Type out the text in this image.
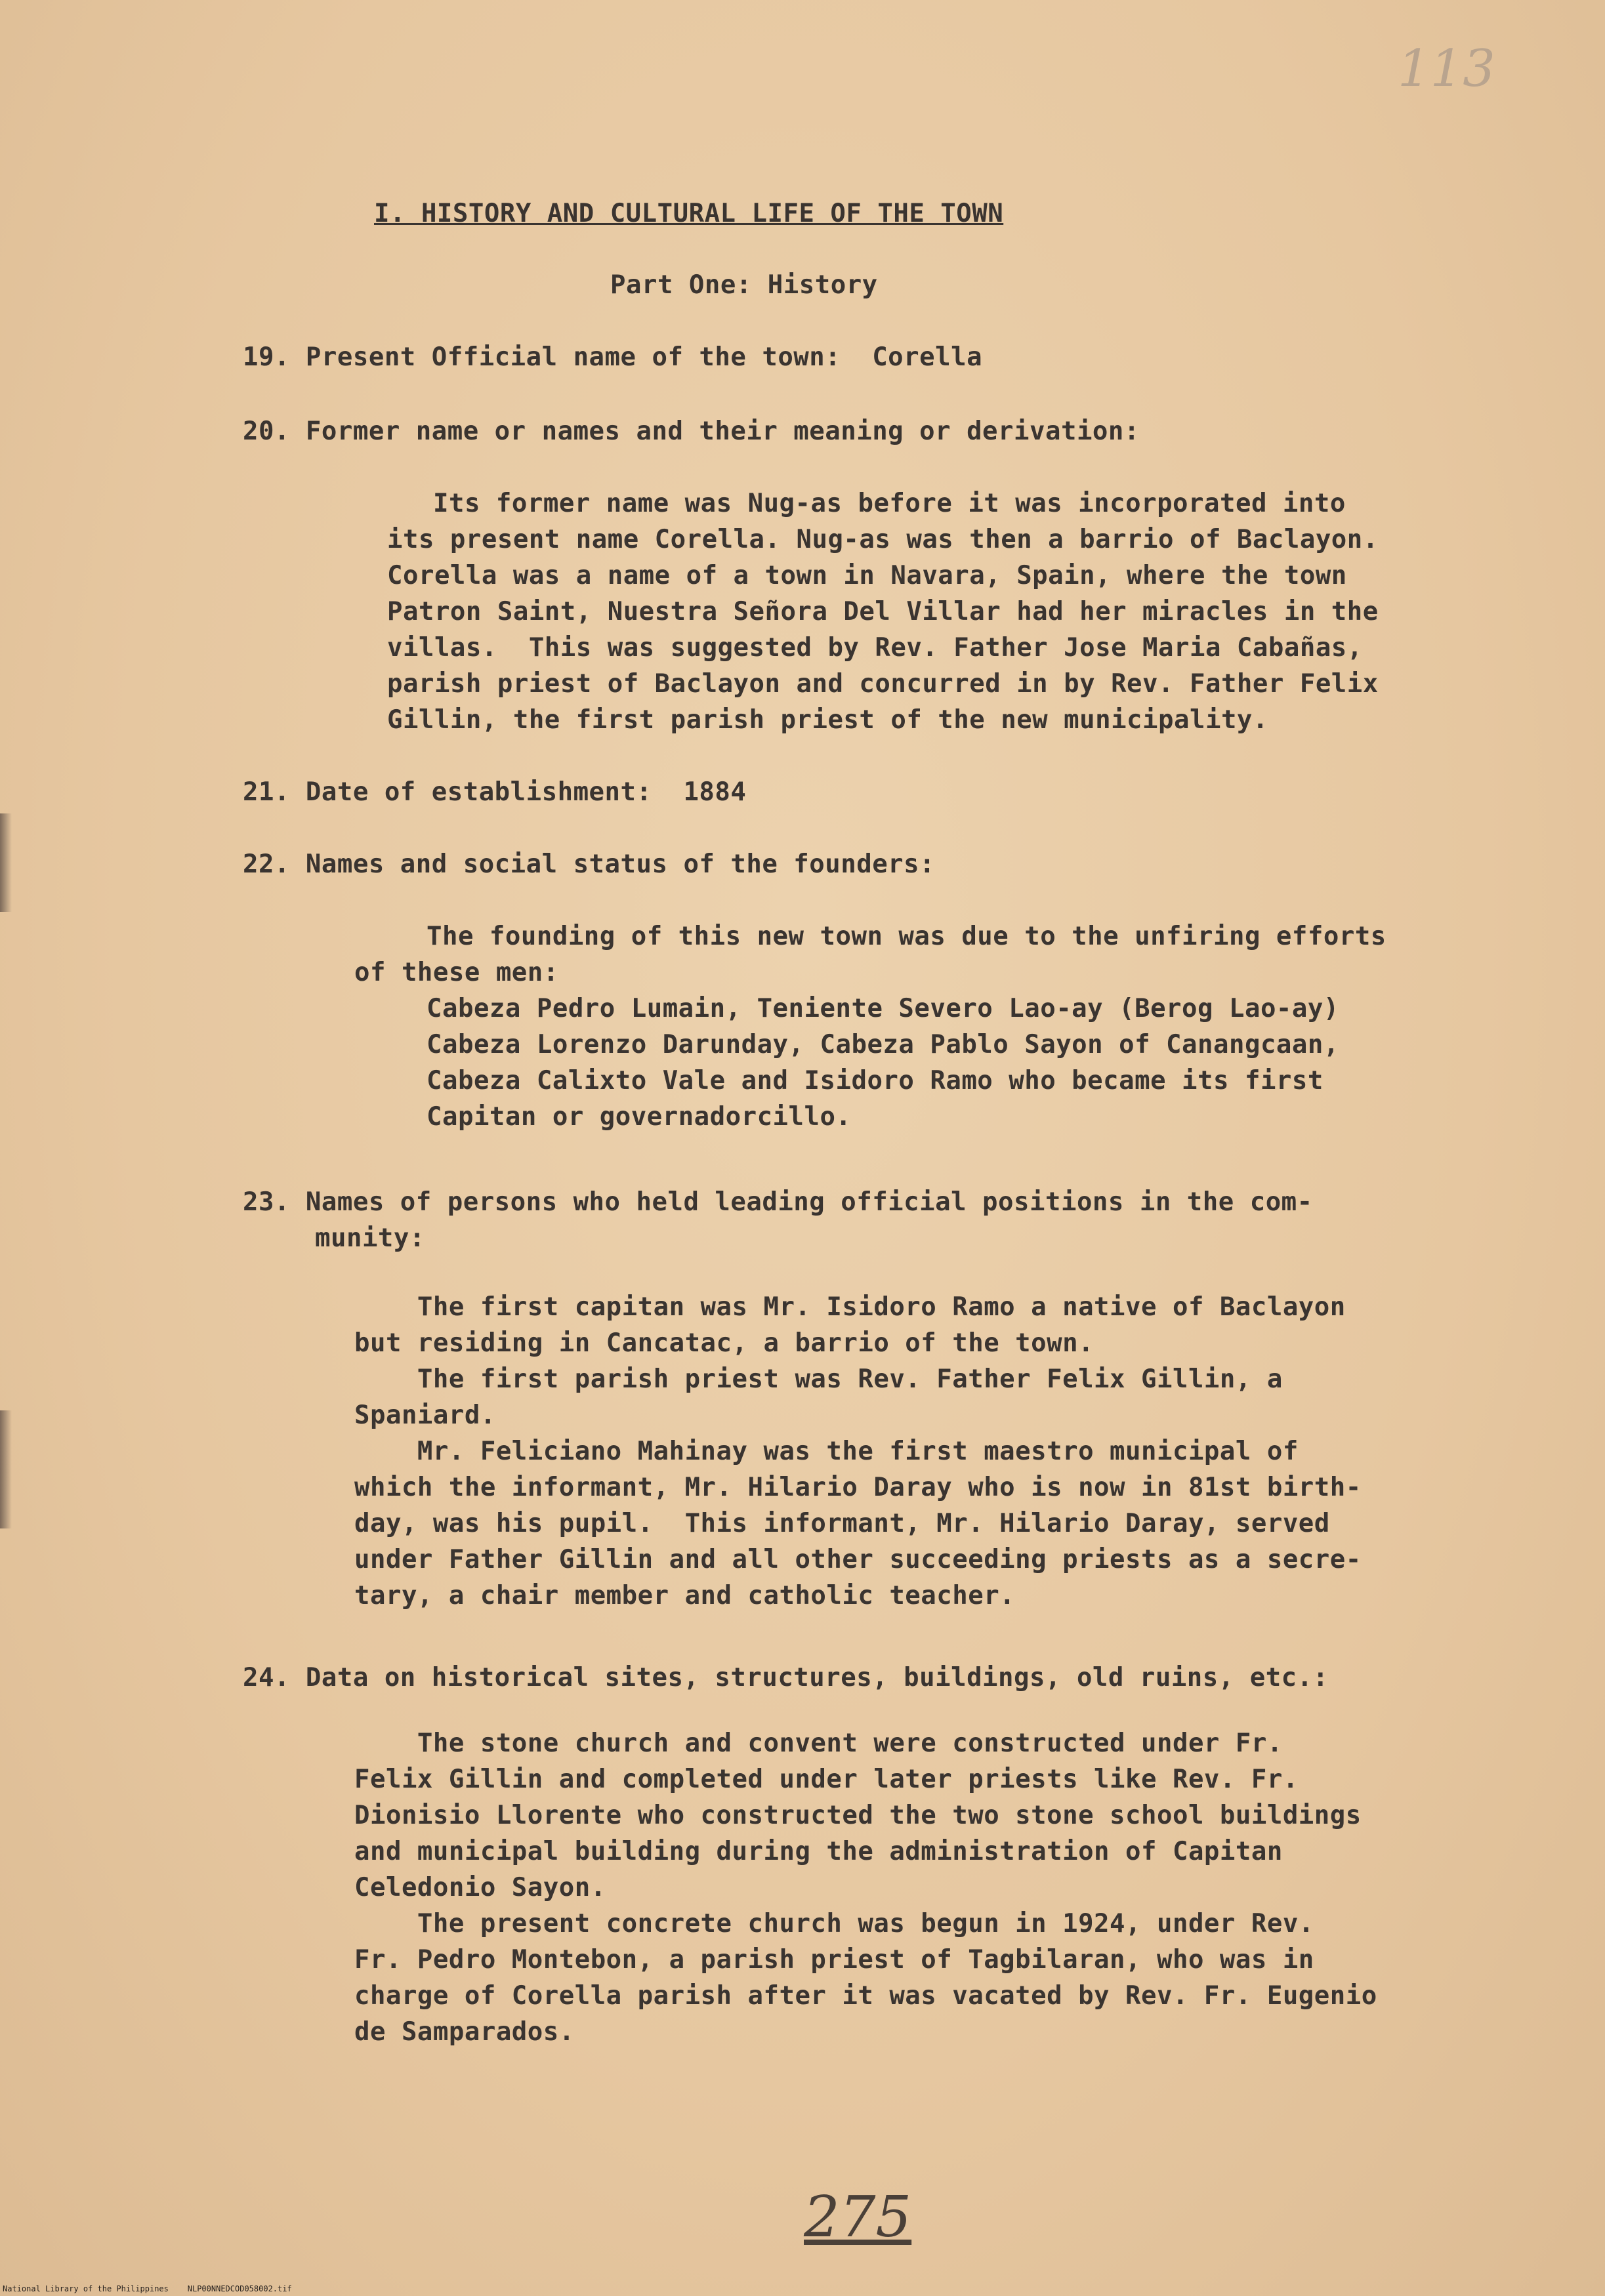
113
I. HISTORY AND CULTURAL LIFE OF THE TOWN
Part One: History
19. Present Official name of the town:  Corella
20. Former name or names and their meaning or derivation:
Its former name was Nug-as before it was incorporated into
its present name Corella. Nug-as was then a barrio of Baclayon.
Corella was a name of a town in Navara, Spain, where the town
Patron Saint, Nuestra Señora Del Villar had her miracles in the
villas.  This was suggested by Rev. Father Jose Maria Cabañas,
parish priest of Baclayon and concurred in by Rev. Father Felix
Gillin, the first parish priest of the new municipality.
21. Date of establishment:  1884
22. Names and social status of the founders:
The founding of this new town was due to the unfiring efforts
of these men:
Cabeza Pedro Lumain, Teniente Severo Lao-ay (Berog Lao-ay)
Cabeza Lorenzo Darunday, Cabeza Pablo Sayon of Canangcaan,
Cabeza Calixto Vale and Isidoro Ramo who became its first
Capitan or governadorcillo.
23. Names of persons who held leading official positions in the com-
munity:
The first capitan was Mr. Isidoro Ramo a native of Baclayon
but residing in Cancatac, a barrio of the town.
The first parish priest was Rev. Father Felix Gillin, a
Spaniard.
Mr. Feliciano Mahinay was the first maestro municipal of
which the informant, Mr. Hilario Daray who is now in 81st birth-
day, was his pupil.  This informant, Mr. Hilario Daray, served
under Father Gillin and all other succeeding priests as a secre-
tary, a chair member and catholic teacher.
24. Data on historical sites, structures, buildings, old ruins, etc.:
The stone church and convent were constructed under Fr.
Felix Gillin and completed under later priests like Rev. Fr.
Dionisio Llorente who constructed the two stone school buildings
and municipal building during the administration of Capitan
Celedonio Sayon.
The present concrete church was begun in 1924, under Rev.
Fr. Pedro Montebon, a parish priest of Tagbilaran, who was in
charge of Corella parish after it was vacated by Rev. Fr. Eugenio
de Samparados.
275
National Library of the Philippines    NLP00NNEDCOD058002.tif
